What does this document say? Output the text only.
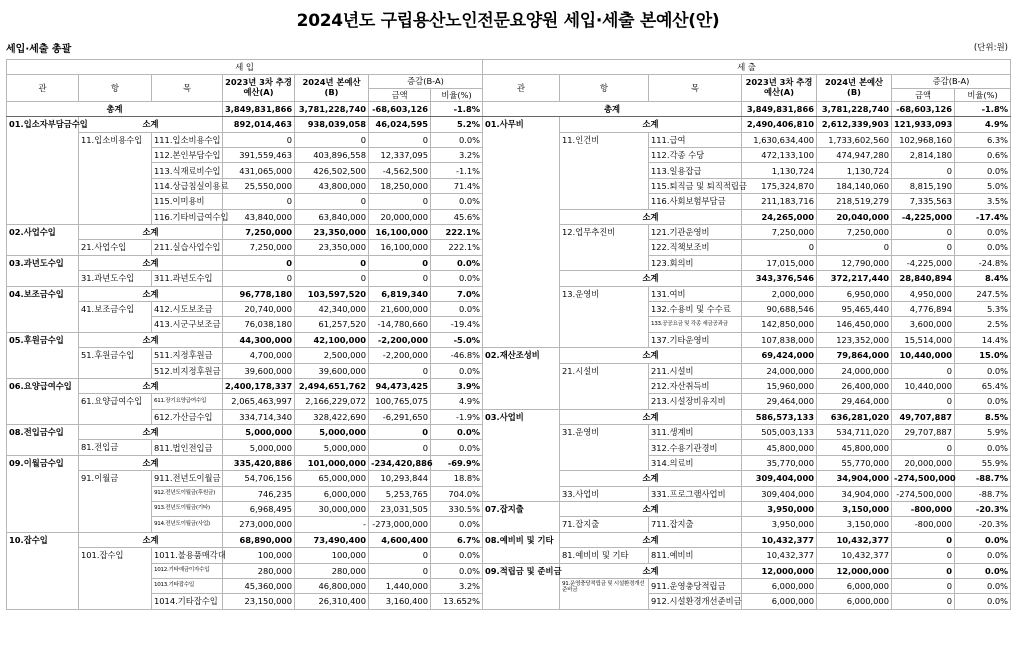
2024년도 구립용산노인전문요양원 세입·세출 본예산(안)
세입·세출 총괄	(단위:원)
세 입						
관	항	목	2023년 3차 추경 예산(A)	2024년 본예산(B)	증감(B-A)	
					금액	비율(%)
총계			3,849,831,866	3,781,228,740	-68,603,126	-1.8%
01.입소자부담금수입	소계		892,014,463	938,039,058	46,024,595	5.2%
	11.입소비용수입	111.입소비용수입	0	0	0	0.0%
		112.본인부담수입	391,559,463	403,896,558	12,337,095	3.2%
		113.식재료비수입	431,065,000	426,502,500	-4,562,500	-1.1%
		114.상급침실이용료	25,550,000	43,800,000	18,250,000	71.4%
		115.이미용비	0	0	0	0.0%
		116.기타비급여수입	43,840,000	63,840,000	20,000,000	45.6%
02.사업수입	소계		7,250,000	23,350,000	16,100,000	222.1%
	21.사업수입	211.실습사업수입	7,250,000	23,350,000	16,100,000	222.1%
03.과년도수입	소계		0	0	0	0.0%
	31.과년도수입	311.과년도수입	0	0	0	0.0%
04.보조금수입	소계		96,778,180	103,597,520	6,819,340	7.0%
	41.보조금수입	412.시도보조금	20,740,000	42,340,000	21,600,000	0.0%
		413.시군구보조금	76,038,180	61,257,520	-14,780,660	-19.4%
05.후원금수입	소계		44,300,000	42,100,000	-2,200,000	-5.0%
	51.후원금수입	511.지정후원금	4,700,000	2,500,000	-2,200,000	-46.8%
		512.비지정후원금	39,600,000	39,600,000	0	0.0%
06.요양급여수입	소계		2,400,178,337	2,494,651,762	94,473,425	3.9%
	61.요양급여수입	611.장기요양급여수입	2,065,463,997	2,166,229,072	100,765,075	4.9%
		612.가산금수입	334,714,340	328,422,690	-6,291,650	-1.9%
08.전입금수입	소계		5,000,000	5,000,000	0	0.0%
	81.전입금	811.법인전입금	5,000,000	5,000,000	0	0.0%
09.이월금수입	소계		335,420,886	101,000,000	-234,420,886	-69.9%
	91.이월금	911.전년도이월금	54,706,156	65,000,000	10,293,844	18.8%
		912.전년도이월금(후원금)	746,235	6,000,000	5,253,765	704.0%
		913.전년도이월금(기타)	6,968,495	30,000,000	23,031,505	330.5%
		914.전년도이월금(사업)	273,000,000	-	-273,000,000	0.0%
10.잡수입	소계		68,890,000	73,490,400	4,600,400	6.7%
	101.잡수입	1011.불용품매각대	100,000	100,000	0	0.0%
		1012.기타예금이자수입	280,000	280,000	0	0.0%
		1013.기타잡수입	45,360,000	46,800,000	1,440,000	3.2%
		1014.기타잡수입	23,150,000	26,310,400	3,160,400	13.652%
세 출						
관	항	목	2023년 3차 추경 예산(A)	2024년 본예산(B)	증감(B-A)	
					금액	비율(%)
총계			3,849,831,866	3,781,228,740	-68,603,126	-1.8%
01.사무비	소계		2,490,406,810	2,612,339,903	121,933,093	4.9%
	11.인건비	111.급여	1,630,634,400	1,733,602,560	102,968,160	6.3%
		112.각종 수당	472,133,100	474,947,280	2,814,180	0.6%
		113.일용잡급	1,130,724	1,130,724	0	0.0%
		115.퇴직금 및 퇴직적립금	175,324,870	184,140,060	8,815,190	5.0%
		116.사회보험부담금	211,183,716	218,519,279	7,335,563	3.5%
	소계		24,265,000	20,040,000	-4,225,000	-17.4%
	12.업무추진비	121.기관운영비	7,250,000	7,250,000	0	0.0%
		122.직책보조비	0	0	0	0.0%
		123.회의비	17,015,000	12,790,000	-4,225,000	-24.8%
	소계		343,376,546	372,217,440	28,840,894	8.4%
	13.운영비	131.여비	2,000,000	6,950,000	4,950,000	247.5%
		132.수용비 및 수수료	90,688,546	95,465,440	4,776,894	5.3%
		133.공공요금 및 각종 세금공과금	142,850,000	146,450,000	3,600,000	2.5%
		137.기타운영비	107,838,000	123,352,000	15,514,000	14.4%
02.재산조성비	소계		69,424,000	79,864,000	10,440,000	15.0%
	21.시설비	211.시설비	24,000,000	24,000,000	0	0.0%
		212.자산취득비	15,960,000	26,400,000	10,440,000	65.4%
		213.시설장비유지비	29,464,000	29,464,000	0	0.0%
03.사업비	소계		586,573,133	636,281,020	49,707,887	8.5%
	31.운영비	311.생계비	505,003,133	534,711,020	29,707,887	5.9%
		312.수용기관경비	45,800,000	45,800,000	0	0.0%
		314.의료비	35,770,000	55,770,000	20,000,000	55.9%
	소계		309,404,000	34,904,000	-274,500,000	-88.7%
	33.사업비	331.프로그램사업비	309,404,000	34,904,000	-274,500,000	-88.7%
07.잡지출	소계		3,950,000	3,150,000	-800,000	-20.3%
	71.잡지출	711.잡지출	3,950,000	3,150,000	-800,000	-20.3%
08.예비비 및 기타	소계		10,432,377	10,432,377	0	0.0%
	81.예비비 및 기타	811.예비비	10,432,377	10,432,377	0	0.0%
09.적립금 및 준비금	소계		12,000,000	12,000,000	0	0.0%
	91.운영충당적립금 및 시설환경개선준비금	911.운영충당적립금	6,000,000	6,000,000	0	0.0%
		912.시설환경개선준비금	6,000,000	6,000,000	0	0.0%
